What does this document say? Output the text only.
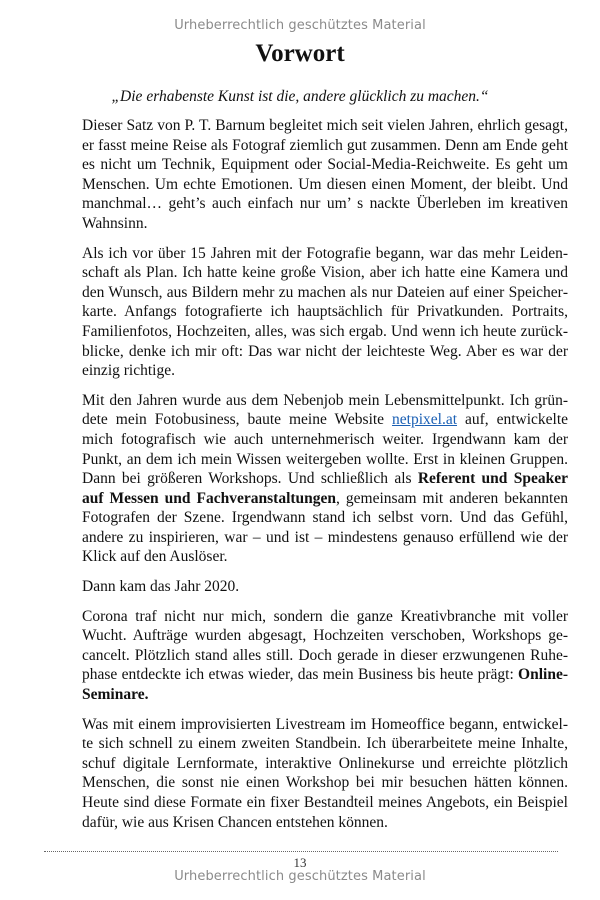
Urheberrechtlich geschütztes Material
Vorwort
„Die erhabenste Kunst ist die, andere glücklich zu machen.“

Dieser Satz von P. T. Barnum begleitet mich seit vielen Jahren, ehrlich gesagt, er fasst meine Reise als Fotograf ziemlich gut zusammen. Denn am Ende geht es nicht um Technik, Equipment oder Social-Media-Reichweite. Es geht um Menschen. Um echte Emotionen. Um diesen einen Moment, der bleibt. Und manchmal… geht’s auch einfach nur um’ s nackte Überleben im kreativen Wahnsinn.

Als ich vor über 15 Jahren mit der Fotografie begann, war das mehr Leidenschaft als Plan. Ich hatte keine große Vision, aber ich hatte eine Kamera und den Wunsch, aus Bildern mehr zu machen als nur Dateien auf einer Speicherkarte. Anfangs fotografierte ich hauptsächlich für Privatkunden. Portraits, Familienfotos, Hochzeiten, alles, was sich ergab. Und wenn ich heute zurückblicke, denke ich mir oft: Das war nicht der leichteste Weg. Aber es war der einzig richtige.

Mit den Jahren wurde aus dem Nebenjob mein Lebensmittelpunkt. Ich gründete mein Fotobusiness, baute meine Website netpixel.at auf, entwickelte mich fotografisch wie auch unternehmerisch weiter. Irgendwann kam der Punkt, an dem ich mein Wissen weitergeben wollte. Erst in kleinen Gruppen. Dann bei größeren Workshops. Und schließlich als Referent und Speaker auf Messen und Fachveranstaltungen, gemeinsam mit anderen bekannten Fotografen der Szene. Irgendwann stand ich selbst vorn. Und das Gefühl, andere zu inspirieren, war – und ist – mindestens genauso erfüllend wie der Klick auf den Auslöser.

Dann kam das Jahr 2020.

Corona traf nicht nur mich, sondern die ganze Kreativbranche mit voller Wucht. Aufträge wurden abgesagt, Hochzeiten verschoben, Workshops gecancelt. Plötzlich stand alles still. Doch gerade in dieser erzwungenen Ruhephase entdeckte ich etwas wieder, das mein Business bis heute prägt: Online-Seminare.

Was mit einem improvisierten Livestream im Homeoffice begann, entwickelte sich schnell zu einem zweiten Standbein. Ich überarbeitete meine Inhalte, schuf digitale Lernformate, interaktive Onlinekurse und erreichte plötzlich Menschen, die sonst nie einen Workshop bei mir besuchen hätten können. Heute sind diese Formate ein fixer Bestandteil meines Angebots, ein Beispiel dafür, wie aus Krisen Chancen entstehen können.

13
Urheberrechtlich geschütztes Material
